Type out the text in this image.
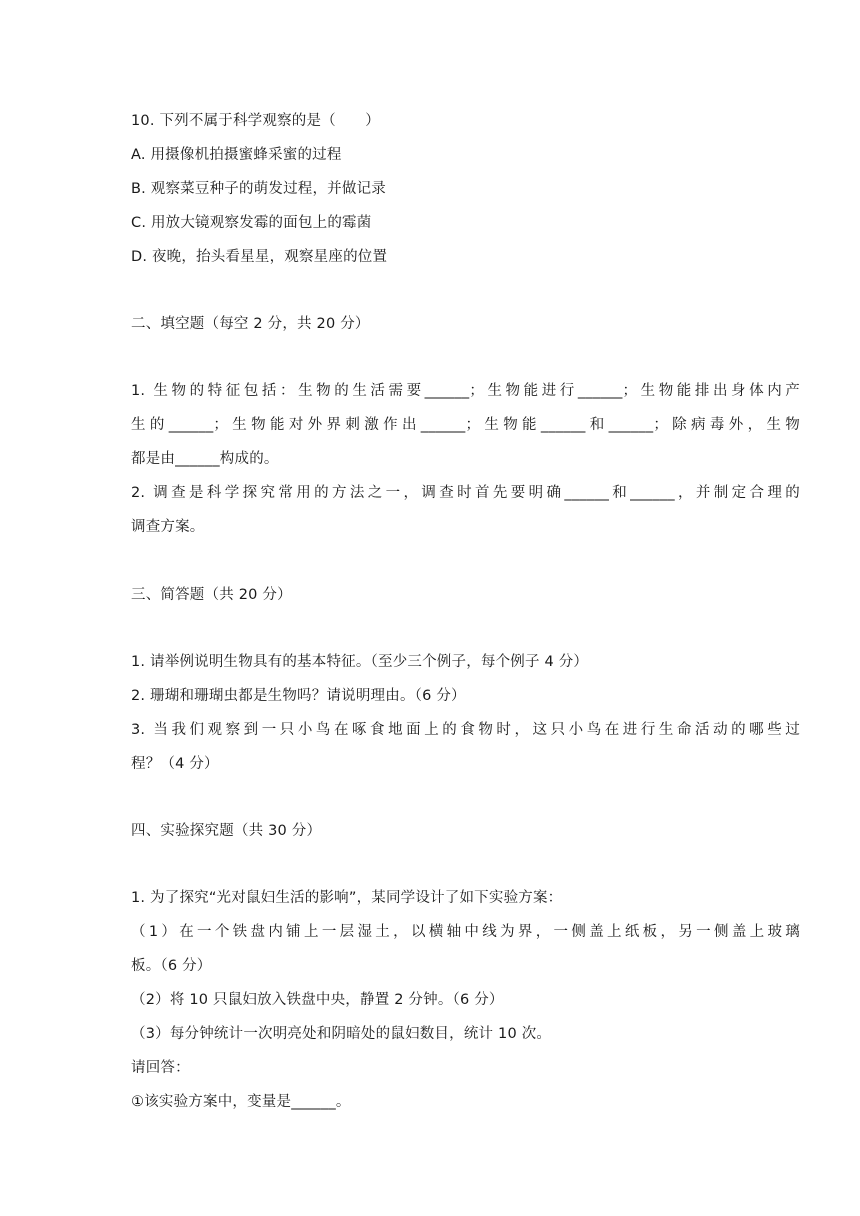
10. 下列不属于科学观察的是（　　）
A. 用摄像机拍摄蜜蜂采蜜的过程
B. 观察菜豆种子的萌发过程，并做记录
C. 用放大镜观察发霉的面包上的霉菌
D. 夜晚，抬头看星星，观察星座的位置
二、填空题（每空 2 分，共 20 分）
1. 生物的特征包括：生物的生活需要______；生物能进行______；生物能排出身体内产
生的______；生物能对外界刺激作出______；生物能______和______；除病毒外，生物
都是由______构成的。
2. 调查是科学探究常用的方法之一，调查时首先要明确______和______，并制定合理的
调查方案。
三、简答题（共 20 分）
1. 请举例说明生物具有的基本特征。（至少三个例子，每个例子 4 分）
2. 珊瑚和珊瑚虫都是生物吗？请说明理由。（6 分）
3. 当我们观察到一只小鸟在啄食地面上的食物时，这只小鸟在进行生命活动的哪些过
程？（4 分）
四、实验探究题（共 30 分）
1. 为了探究“光对鼠妇生活的影响”，某同学设计了如下实验方案：
（1）在一个铁盘内铺上一层湿土，以横轴中线为界，一侧盖上纸板，另一侧盖上玻璃
板。（6 分）
（2）将 10 只鼠妇放入铁盘中央，静置 2 分钟。（6 分）
（3）每分钟统计一次明亮处和阴暗处的鼠妇数目，统计 10 次。
请回答：
①该实验方案中，变量是______。
